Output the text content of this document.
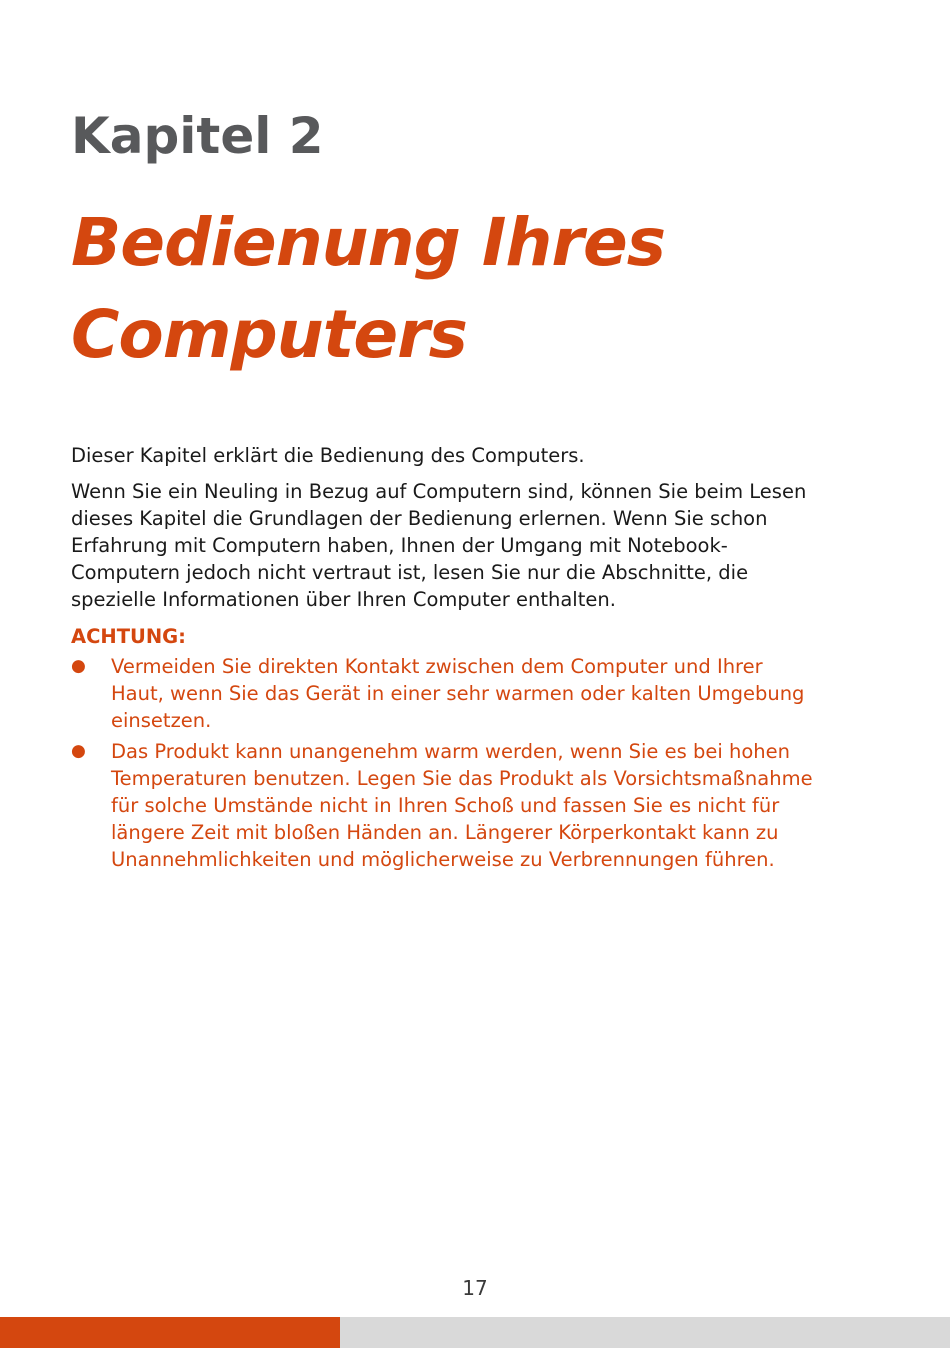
Kapitel 2
Bedienung Ihres
Computers

Dieser Kapitel erklärt die Bedienung des Computers.

Wenn Sie ein Neuling in Bezug auf Computern sind, können Sie beim Lesen
dieses Kapitel die Grundlagen der Bedienung erlernen. Wenn Sie schon
Erfahrung mit Computern haben, Ihnen der Umgang mit Notebook-
Computern jedoch nicht vertraut ist, lesen Sie nur die Abschnitte, die
spezielle Informationen über Ihren Computer enthalten.

ACHTUNG:
● Vermeiden Sie direkten Kontakt zwischen dem Computer und Ihrer
Haut, wenn Sie das Gerät in einer sehr warmen oder kalten Umgebung
einsetzen.
● Das Produkt kann unangenehm warm werden, wenn Sie es bei hohen
Temperaturen benutzen. Legen Sie das Produkt als Vorsichtsmaßnahme
für solche Umstände nicht in Ihren Schoß und fassen Sie es nicht für
längere Zeit mit bloßen Händen an. Längerer Körperkontakt kann zu
Unannehmlichkeiten und möglicherweise zu Verbrennungen führen.
17
